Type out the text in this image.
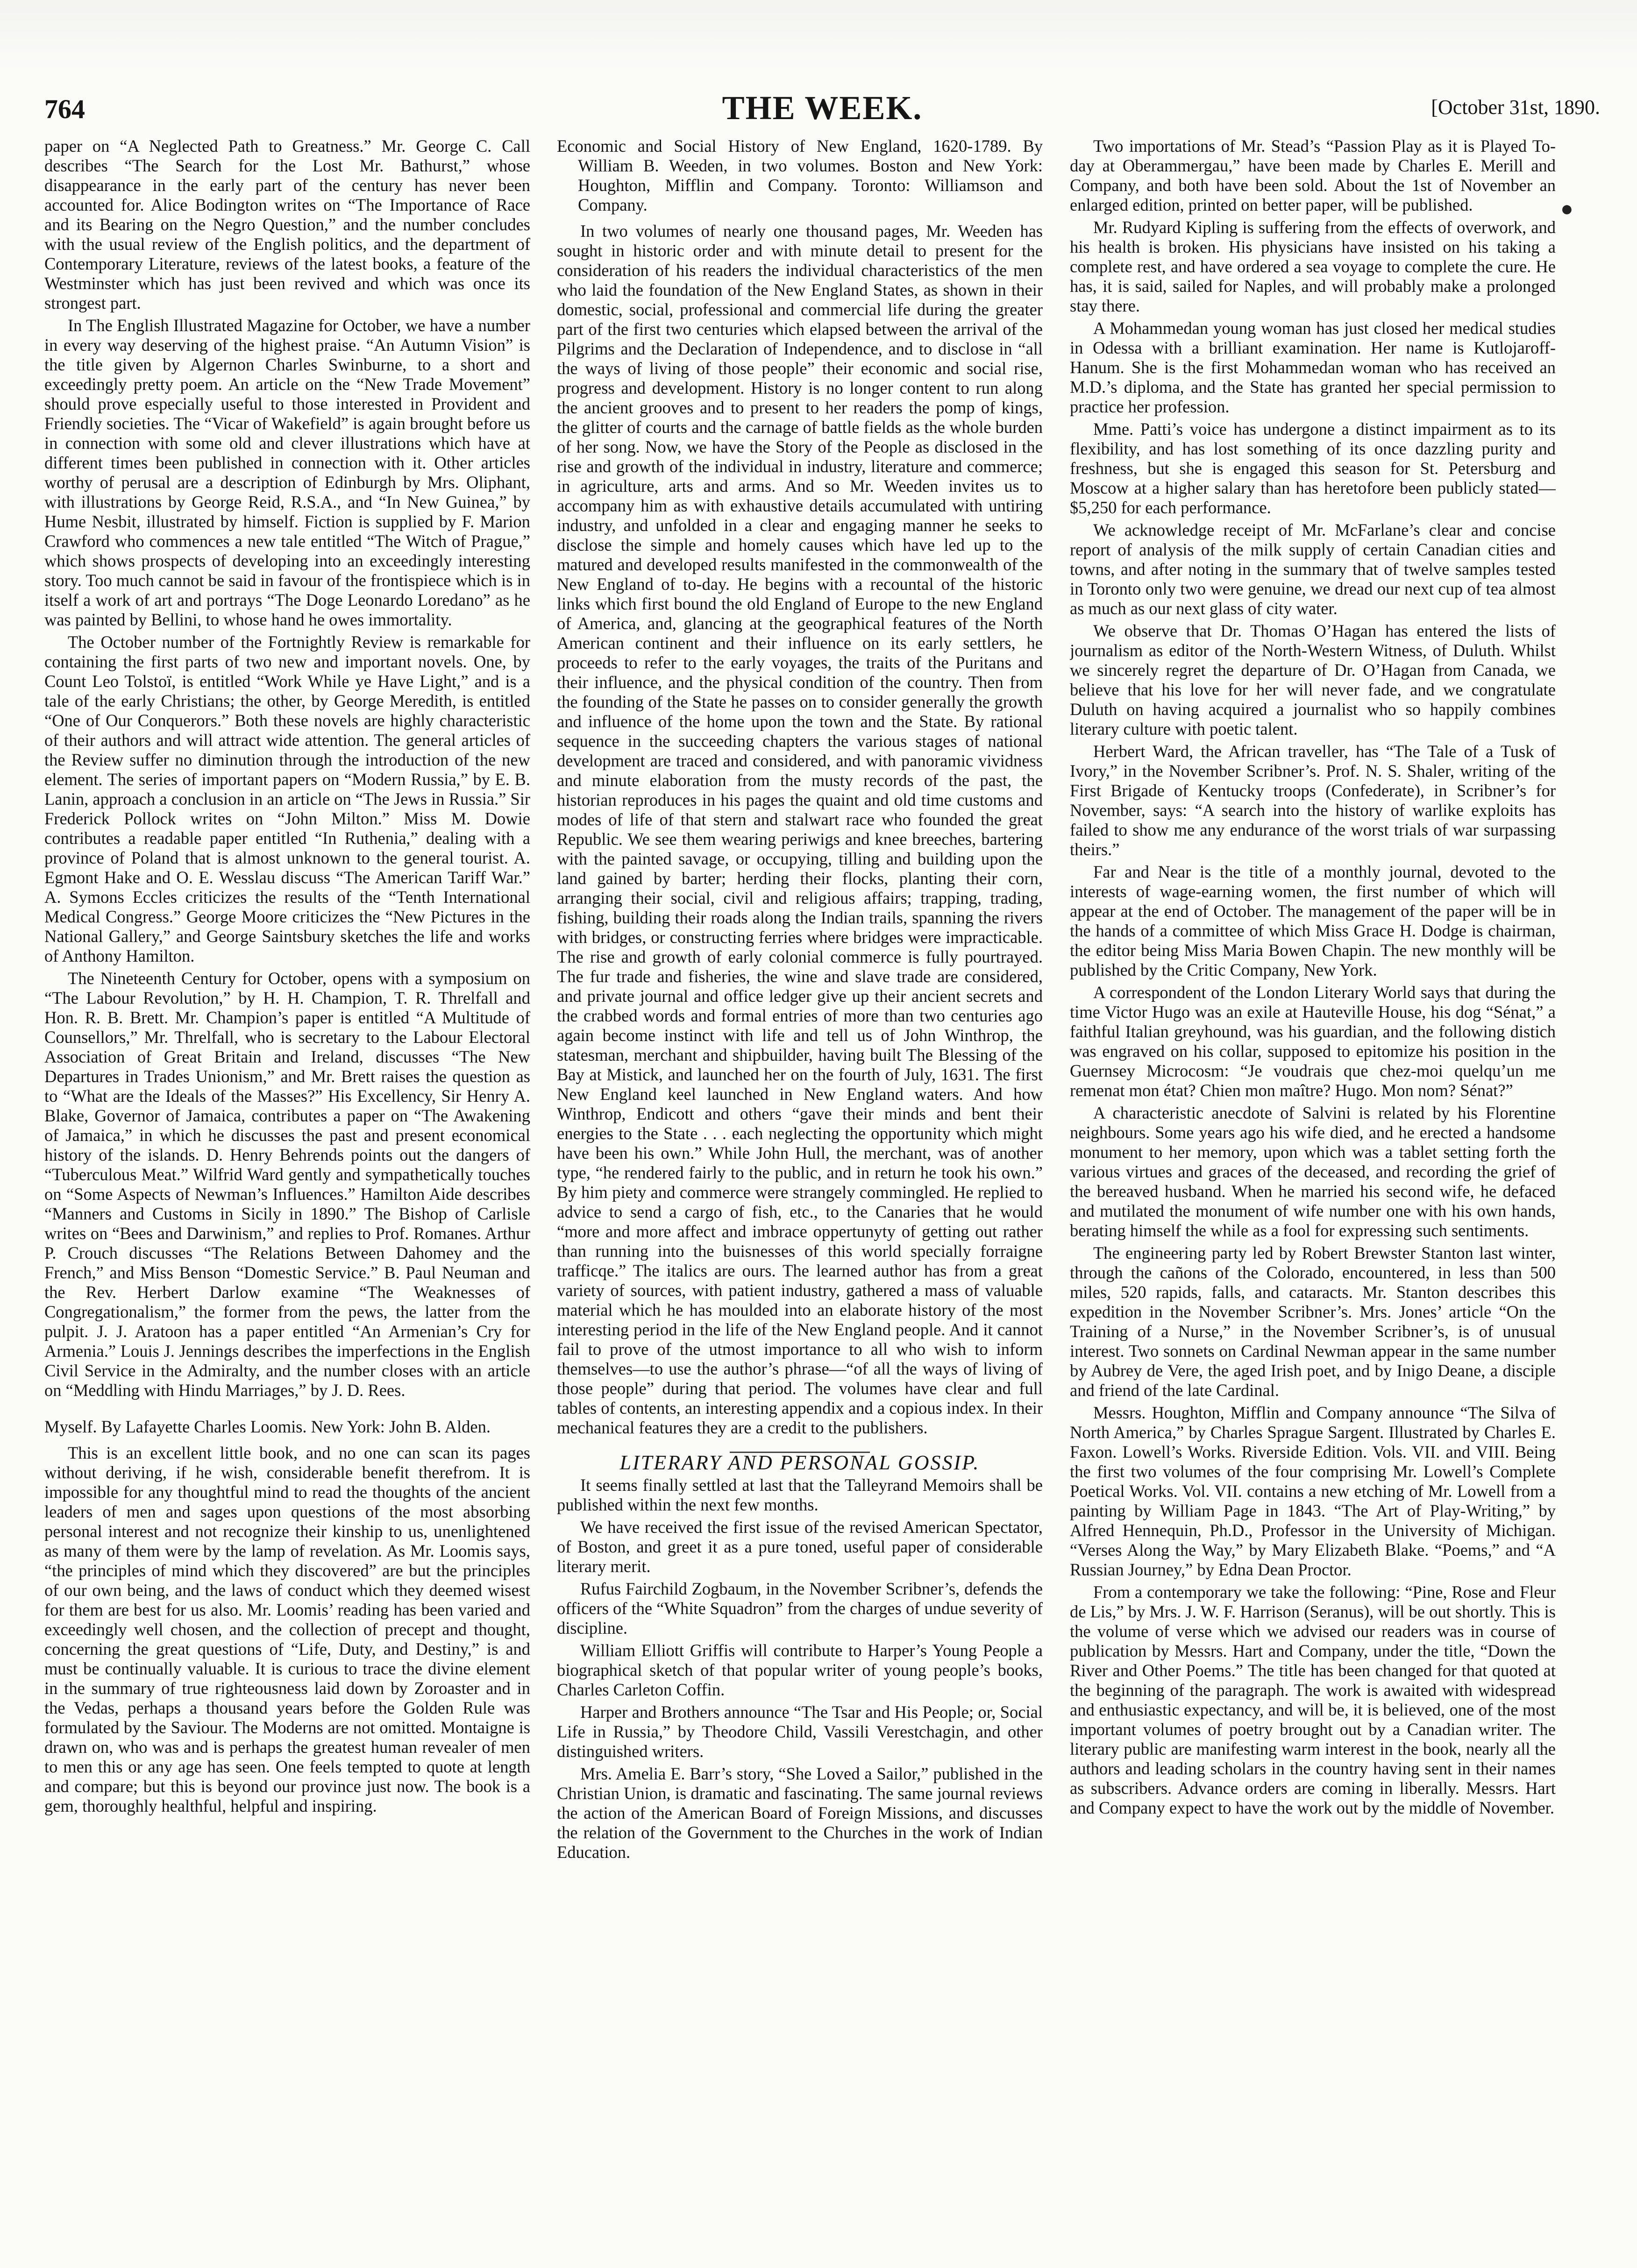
764	THE WEEK.	[October 31st, 1890.

paper on “A Neglected Path to Greatness.” Mr. George C. Call describes “The Search for the Lost Mr. Bathurst,” whose disappearance in the early part of the century has never been accounted for. Alice Bodington writes on “The Importance of Race and its Bearing on the Negro Question,” and the number concludes with the usual review of the English politics, and the department of Contemporary Literature, reviews of the latest books, a feature of the Westminster which has just been revived and which was once its strongest part.

In The English Illustrated Magazine for October, we have a number in every way deserving of the highest praise. “An Autumn Vision” is the title given by Algernon Charles Swinburne, to a short and exceedingly pretty poem. An article on the “New Trade Movement” should prove especially useful to those interested in Provident and Friendly societies. The “Vicar of Wakefield” is again brought before us in connection with some old and clever illustrations which have at different times been published in connection with it. Other articles worthy of perusal are a description of Edinburgh by Mrs. Oliphant, with illustrations by George Reid, R.S.A., and “In New Guinea,” by Hume Nesbit, illustrated by himself. Fiction is supplied by F. Marion Crawford who commences a new tale entitled “The Witch of Prague,” which shows prospects of developing into an exceedingly interesting story. Too much cannot be said in favour of the frontispiece which is in itself a work of art and portrays “The Doge Leonardo Loredano” as he was painted by Bellini, to whose hand he owes immortality.

The October number of the Fortnightly Review is remarkable for containing the first parts of two new and important novels. One, by Count Leo Tolstoï, is entitled “Work While ye Have Light,” and is a tale of the early Christians; the other, by George Meredith, is entitled “One of Our Conquerors.” Both these novels are highly characteristic of their authors and will attract wide attention. The general articles of the Review suffer no diminution through the introduction of the new element. The series of important papers on “Modern Russia,” by E. B. Lanin, approach a conclusion in an article on “The Jews in Russia.” Sir Frederick Pollock writes on “John Milton.” Miss M. Dowie contributes a readable paper entitled “In Ruthenia,” dealing with a province of Poland that is almost unknown to the general tourist. A. Egmont Hake and O. E. Wesslau discuss “The American Tariff War.” A. Symons Eccles criticizes the results of the “Tenth International Medical Congress.” George Moore criticizes the “New Pictures in the National Gallery,” and George Saintsbury sketches the life and works of Anthony Hamilton.

The Nineteenth Century for October, opens with a symposium on “The Labour Revolution,” by H. H. Champion, T. R. Threlfall and Hon. R. B. Brett. Mr. Champion’s paper is entitled “A Multitude of Counsellors,” Mr. Threlfall, who is secretary to the Labour Electoral Association of Great Britain and Ireland, discusses “The New Departures in Trades Unionism,” and Mr. Brett raises the question as to “What are the Ideals of the Masses?” His Excellency, Sir Henry A. Blake, Governor of Jamaica, contributes a paper on “The Awakening of Jamaica,” in which he discusses the past and present economical history of the islands. D. Henry Behrends points out the dangers of “Tuberculous Meat.” Wilfrid Ward gently and sympathetically touches on “Some Aspects of Newman’s Influences.” Hamilton Aide describes “Manners and Customs in Sicily in 1890.” The Bishop of Carlisle writes on “Bees and Darwinism,” and replies to Prof. Romanes. Arthur P. Crouch discusses “The Relations Between Dahomey and the French,” and Miss Benson “Domestic Service.” B. Paul Neuman and the Rev. Herbert Darlow examine “The Weaknesses of Congregationalism,” the former from the pews, the latter from the pulpit. J. J. Aratoon has a paper entitled “An Armenian’s Cry for Armenia.” Louis J. Jennings describes the imperfections in the English Civil Service in the Admiralty, and the number closes with an article on “Meddling with Hindu Marriages,” by J. D. Rees.

Myself. By Lafayette Charles Loomis. New York: John B. Alden.

This is an excellent little book, and no one can scan its pages without deriving, if he wish, considerable benefit therefrom. It is impossible for any thoughtful mind to read the thoughts of the ancient leaders of men and sages upon questions of the most absorbing personal interest and not recognize their kinship to us, unenlightened as many of them were by the lamp of revelation. As Mr. Loomis says, “the principles of mind which they discovered” are but the principles of our own being, and the laws of conduct which they deemed wisest for them are best for us also. Mr. Loomis’ reading has been varied and exceedingly well chosen, and the collection of precept and thought, concerning the great questions of “Life, Duty, and Destiny,” is and must be continually valuable. It is curious to trace the divine element in the summary of true righteousness laid down by Zoroaster and in the Vedas, perhaps a thousand years before the Golden Rule was formulated by the Saviour. The Moderns are not omitted. Montaigne is drawn on, who was and is perhaps the greatest human revealer of men to men this or any age has seen. One feels tempted to quote at length and compare; but this is beyond our province just now. The book is a gem, thoroughly healthful, helpful and inspiring.

Economic and Social History of New England, 1620-1789. By William B. Weeden, in two volumes. Boston and New York: Houghton, Mifflin and Company. Toronto: Williamson and Company.

In two volumes of nearly one thousand pages, Mr. Weeden has sought in historic order and with minute detail to present for the consideration of his readers the individual characteristics of the men who laid the foundation of the New England States, as shown in their domestic, social, professional and commercial life during the greater part of the first two centuries which elapsed between the arrival of the Pilgrims and the Declaration of Independence, and to disclose in “all the ways of living of those people” their economic and social rise, progress and development. History is no longer content to run along the ancient grooves and to present to her readers the pomp of kings, the glitter of courts and the carnage of battle fields as the whole burden of her song. Now, we have the Story of the People as disclosed in the rise and growth of the individual in industry, literature and commerce; in agriculture, arts and arms. And so Mr. Weeden invites us to accompany him as with exhaustive details accumulated with untiring industry, and unfolded in a clear and engaging manner he seeks to disclose the simple and homely causes which have led up to the matured and developed results manifested in the commonwealth of the New England of to-day. He begins with a recountal of the historic links which first bound the old England of Europe to the new England of America, and, glancing at the geographical features of the North American continent and their influence on its early settlers, he proceeds to refer to the early voyages, the traits of the Puritans and their influence, and the physical condition of the country. Then from the founding of the State he passes on to consider generally the growth and influence of the home upon the town and the State. By rational sequence in the succeeding chapters the various stages of national development are traced and considered, and with panoramic vividness and minute elaboration from the musty records of the past, the historian reproduces in his pages the quaint and old time customs and modes of life of that stern and stalwart race who founded the great Republic. We see them wearing periwigs and knee breeches, bartering with the painted savage, or occupying, tilling and building upon the land gained by barter; herding their flocks, planting their corn, arranging their social, civil and religious affairs; trapping, trading, fishing, building their roads along the Indian trails, spanning the rivers with bridges, or constructing ferries where bridges were impracticable. The rise and growth of early colonial commerce is fully pourtrayed. The fur trade and fisheries, the wine and slave trade are considered, and private journal and office ledger give up their ancient secrets and the crabbed words and formal entries of more than two centuries ago again become instinct with life and tell us of John Winthrop, the statesman, merchant and shipbuilder, having built The Blessing of the Bay at Mistick, and launched her on the fourth of July, 1631. The first New England keel launched in New England waters. And how Winthrop, Endicott and others “gave their minds and bent their energies to the State . . . each neglecting the opportunity which might have been his own.” While John Hull, the merchant, was of another type, “he rendered fairly to the public, and in return he took his own.” By him piety and commerce were strangely commingled. He replied to advice to send a cargo of fish, etc., to the Canaries that he would “more and more affect and imbrace oppertunyty of getting out rather than running into the buisnesses of this world specially forraigne trafficqe.” The italics are ours. The learned author has from a great variety of sources, with patient industry, gathered a mass of valuable material which he has moulded into an elaborate history of the most interesting period in the life of the New England people. And it cannot fail to prove of the utmost importance to all who wish to inform themselves—to use the author’s phrase—“of all the ways of living of those people” during that period. The volumes have clear and full tables of contents, an interesting appendix and a copious index. In their mechanical features they are a credit to the publishers.

LITERARY AND PERSONAL GOSSIP.

It seems finally settled at last that the Talleyrand Memoirs shall be published within the next few months.

We have received the first issue of the revised American Spectator, of Boston, and greet it as a pure toned, useful paper of considerable literary merit.

Rufus Fairchild Zogbaum, in the November Scribner’s, defends the officers of the “White Squadron” from the charges of undue severity of discipline.

William Elliott Griffis will contribute to Harper’s Young People a biographical sketch of that popular writer of young people’s books, Charles Carleton Coffin.

Harper and Brothers announce “The Tsar and His People; or, Social Life in Russia,” by Theodore Child, Vassili Verestchagin, and other distinguished writers.

Mrs. Amelia E. Barr’s story, “She Loved a Sailor,” published in the Christian Union, is dramatic and fascinating. The same journal reviews the action of the American Board of Foreign Missions, and discusses the relation of the Government to the Churches in the work of Indian Education.

Two importations of Mr. Stead’s “Passion Play as it is Played To-day at Oberammergau,” have been made by Charles E. Merill and Company, and both have been sold. About the 1st of November an enlarged edition, printed on better paper, will be published.

Mr. Rudyard Kipling is suffering from the effects of overwork, and his health is broken. His physicians have insisted on his taking a complete rest, and have ordered a sea voyage to complete the cure. He has, it is said, sailed for Naples, and will probably make a prolonged stay there.

A Mohammedan young woman has just closed her medical studies in Odessa with a brilliant examination. Her name is Kutlojaroff-Hanum. She is the first Mohammedan woman who has received an M.D.’s diploma, and the State has granted her special permission to practice her profession.

Mme. Patti’s voice has undergone a distinct impairment as to its flexibility, and has lost something of its once dazzling purity and freshness, but she is engaged this season for St. Petersburg and Moscow at a higher salary than has heretofore been publicly stated—$5,250 for each performance.

We acknowledge receipt of Mr. McFarlane’s clear and concise report of analysis of the milk supply of certain Canadian cities and towns, and after noting in the summary that of twelve samples tested in Toronto only two were genuine, we dread our next cup of tea almost as much as our next glass of city water.

We observe that Dr. Thomas O’Hagan has entered the lists of journalism as editor of the North-Western Witness, of Duluth. Whilst we sincerely regret the departure of Dr. O’Hagan from Canada, we believe that his love for her will never fade, and we congratulate Duluth on having acquired a journalist who so happily combines literary culture with poetic talent.

Herbert Ward, the African traveller, has “The Tale of a Tusk of Ivory,” in the November Scribner’s. Prof. N. S. Shaler, writing of the First Brigade of Kentucky troops (Confederate), in Scribner’s for November, says: “A search into the history of warlike exploits has failed to show me any endurance of the worst trials of war surpassing theirs.”

Far and Near is the title of a monthly journal, devoted to the interests of wage-earning women, the first number of which will appear at the end of October. The management of the paper will be in the hands of a committee of which Miss Grace H. Dodge is chairman, the editor being Miss Maria Bowen Chapin. The new monthly will be published by the Critic Company, New York.

A correspondent of the London Literary World says that during the time Victor Hugo was an exile at Hauteville House, his dog “Sénat,” a faithful Italian greyhound, was his guardian, and the following distich was engraved on his collar, supposed to epitomize his position in the Guernsey Microcosm: “Je voudrais que chez-moi quelqu’un me remenat mon état? Chien mon maître? Hugo. Mon nom? Sénat?”

A characteristic anecdote of Salvini is related by his Florentine neighbours. Some years ago his wife died, and he erected a handsome monument to her memory, upon which was a tablet setting forth the various virtues and graces of the deceased, and recording the grief of the bereaved husband. When he married his second wife, he defaced and mutilated the monument of wife number one with his own hands, berating himself the while as a fool for expressing such sentiments.

The engineering party led by Robert Brewster Stanton last winter, through the cañons of the Colorado, encountered, in less than 500 miles, 520 rapids, falls, and cataracts. Mr. Stanton describes this expedition in the November Scribner’s. Mrs. Jones’ article “On the Training of a Nurse,” in the November Scribner’s, is of unusual interest. Two sonnets on Cardinal Newman appear in the same number by Aubrey de Vere, the aged Irish poet, and by Inigo Deane, a disciple and friend of the late Cardinal.

Messrs. Houghton, Mifflin and Company announce “The Silva of North America,” by Charles Sprague Sargent. Illustrated by Charles E. Faxon. Lowell’s Works. Riverside Edition. Vols. VII. and VIII. Being the first two volumes of the four comprising Mr. Lowell’s Complete Poetical Works. Vol. VII. contains a new etching of Mr. Lowell from a painting by William Page in 1843. “The Art of Play-Writing,” by Alfred Hennequin, Ph.D., Professor in the University of Michigan. “Verses Along the Way,” by Mary Elizabeth Blake. “Poems,” and “A Russian Journey,” by Edna Dean Proctor.

From a contemporary we take the following: “Pine, Rose and Fleur de Lis,” by Mrs. J. W. F. Harrison (Seranus), will be out shortly. This is the volume of verse which we advised our readers was in course of publication by Messrs. Hart and Company, under the title, “Down the River and Other Poems.” The title has been changed for that quoted at the beginning of the paragraph. The work is awaited with widespread and enthusiastic expectancy, and will be, it is believed, one of the most important volumes of poetry brought out by a Canadian writer. The literary public are manifesting warm interest in the book, nearly all the authors and leading scholars in the country having sent in their names as subscribers. Advance orders are coming in liberally. Messrs. Hart and Company expect to have the work out by the middle of November.

●
